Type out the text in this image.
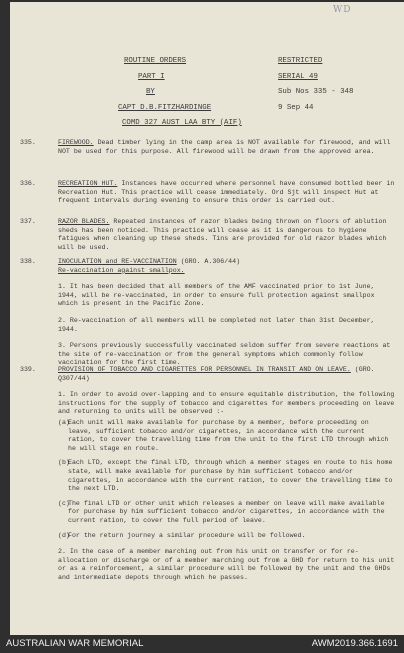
WD
ROUTINE ORDERS	RESTRICTED
PART I	SERIAL 49
BY	Sub Nos 335 - 348
CAPT D.B.FITZHARDINGE	9 Sep 44
COMD 327 AUST LAA BTY (AIF)
335.	FIREWOOD. Dead timber lying in the camp area is NOT available for firewood, and will NOT be used for this purpose. All firewood will be drawn from the approved area.

336.	RECREATION HUT. Instances have occurred where personnel have consumed bottled beer in Recreation Hut. This practice will cease immediately. Ord Sjt will inspect Hut at frequent intervals during evening to ensure this order is carried out.

337.	RAZOR BLADES. Repeated instances of razor blades being thrown on floors of ablution sheds has been noticed. This practice will cease as it is dangerous to hygiene fatigues when cleaning up these sheds. Tins are provided for old razor blades which will be used.

338.	INOCULATION and RE-VACCINATION (GRO. A.306/44)

Re-vaccination against smallpox.

1. It has been decided that all members of the AMF vaccinated prior to 1st June, 1944, will be re-vaccinated, in order to ensure full protection against smallpox which is present in the Pacific Zone.

2. Re-vaccination of all members will be completed not later than 31st December, 1944.

3. Persons previously successfully vaccinated seldom suffer from severe reactions at the site of re-vaccination or from the general symptoms which commonly follow vaccination for the first time.

339.	PROVISION OF TOBACCO AND CIGARETTES FOR PERSONNEL IN TRANSIT AND ON LEAVE. (GRO. Q307/44)

1. In order to avoid over-lapping and to ensure equitable distribution, the following instructions for the supply of tobacco and cigarettes for members proceeding on leave and returning to units will be observed :-

(a)

Each unit will make available for purchase by a member, before proceeding on leave, sufficient tobacco and/or cigarettes, in accordance with the current ration, to cover the travelling time from the unit to the first LTD through which he will stage en route.

(b)

Each LTD, except the final LTD, through which a member stages en route to his home state, will make available for purchase by him sufficient tobacco and/or cigarettes, in accordance with the current ration, to cover the travelling time to the next LTD.

(c)

The final LTD or other unit which releases a member on leave will make available for purchase by him sufficient tobacco and/or cigarettes, in accordance with the current ration, to cover the full period of leave.

(d)

For the return journey a similar procedure will be followed.

2. In the case of a member marching out from his unit on transfer or for re-allocation or discharge or of a member marching out from a GHD for return to his unit or as a reinforcement, a similar procedure will be followed by the unit and the GHDs and intermediate depots through which he passes.

AUSTRALIAN WAR MEMORIAL	AWM2019.366.1691
